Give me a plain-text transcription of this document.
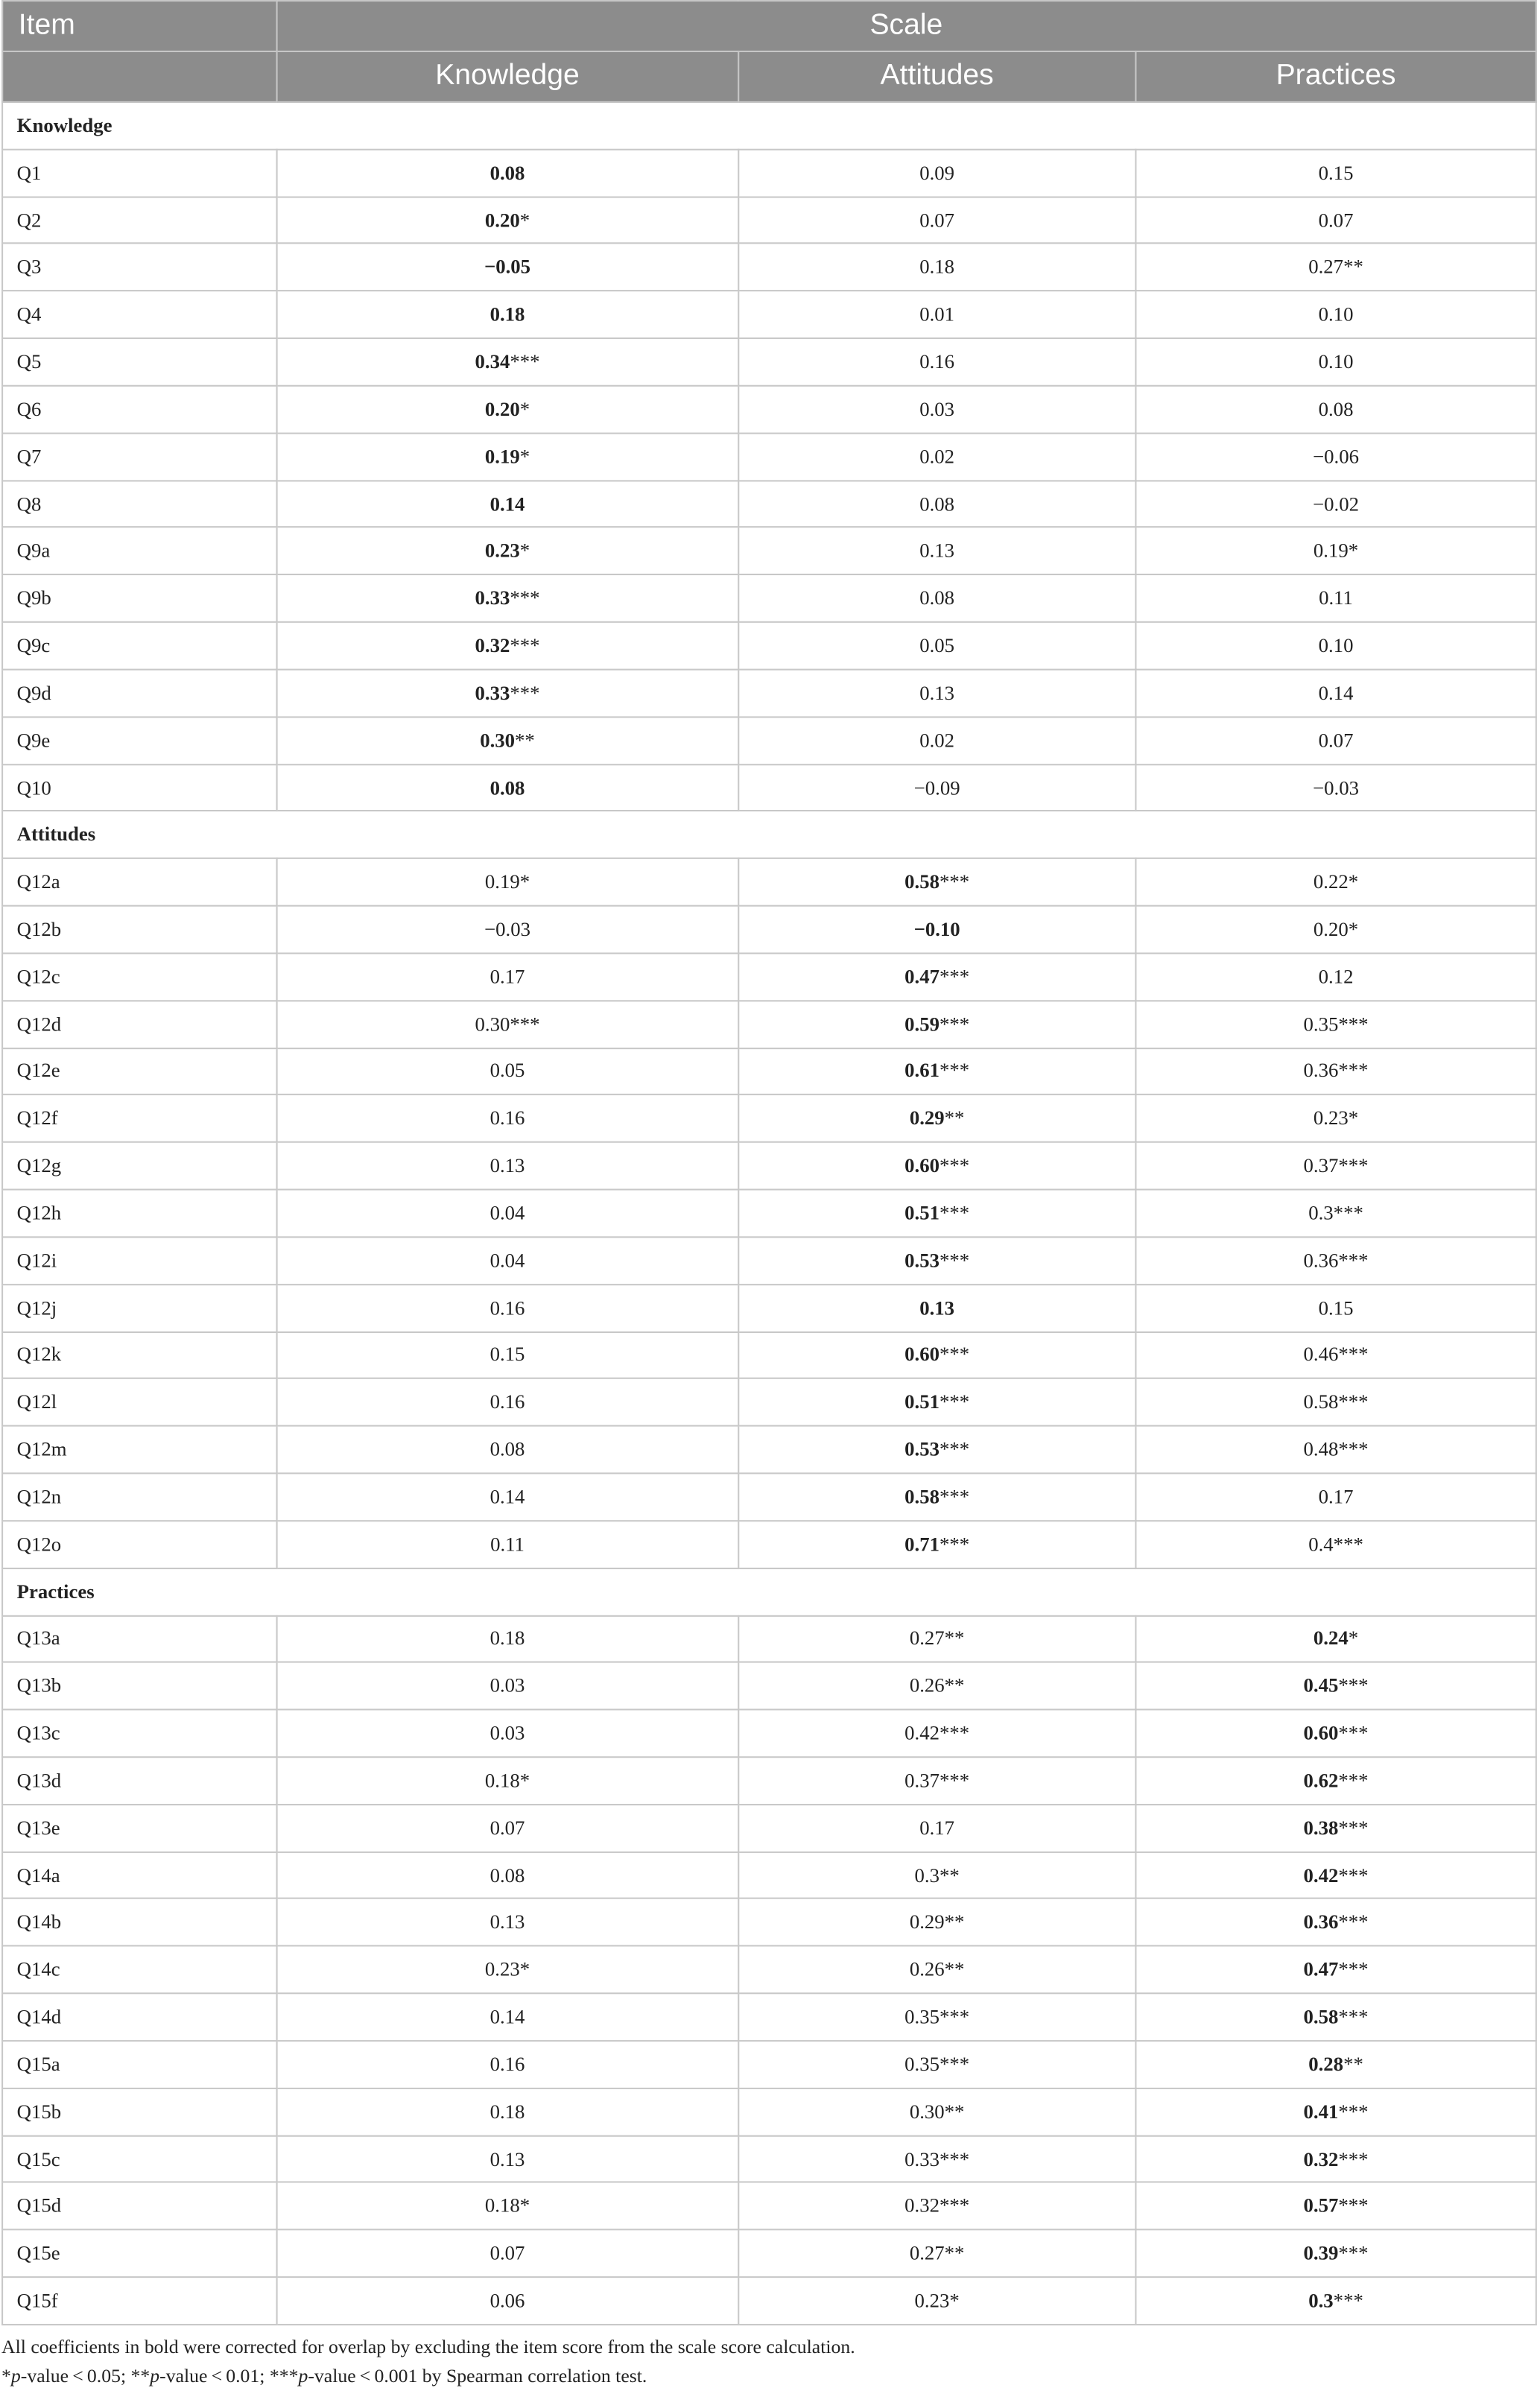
Item	Scale		
	Knowledge	Attitudes	Practices
Knowledge			
Q1	0.08	0.09	0.15
Q2	0.20*	0.07	0.07
Q3	−0.05	0.18	0.27**
Q4	0.18	0.01	0.10
Q5	0.34***	0.16	0.10
Q6	0.20*	0.03	0.08
Q7	0.19*	0.02	−0.06
Q8	0.14	0.08	−0.02
Q9a	0.23*	0.13	0.19*
Q9b	0.33***	0.08	0.11
Q9c	0.32***	0.05	0.10
Q9d	0.33***	0.13	0.14
Q9e	0.30**	0.02	0.07
Q10	0.08	−0.09	−0.03
Attitudes			
Q12a	0.19*	0.58***	0.22*
Q12b	−0.03	−0.10	0.20*
Q12c	0.17	0.47***	0.12
Q12d	0.30***	0.59***	0.35***
Q12e	0.05	0.61***	0.36***
Q12f	0.16	0.29**	0.23*
Q12g	0.13	0.60***	0.37***
Q12h	0.04	0.51***	0.3***
Q12i	0.04	0.53***	0.36***
Q12j	0.16	0.13	0.15
Q12k	0.15	0.60***	0.46***
Q12l	0.16	0.51***	0.58***
Q12m	0.08	0.53***	0.48***
Q12n	0.14	0.58***	0.17
Q12o	0.11	0.71***	0.4***
Practices			
Q13a	0.18	0.27**	0.24*
Q13b	0.03	0.26**	0.45***
Q13c	0.03	0.42***	0.60***
Q13d	0.18*	0.37***	0.62***
Q13e	0.07	0.17	0.38***
Q14a	0.08	0.3**	0.42***
Q14b	0.13	0.29**	0.36***
Q14c	0.23*	0.26**	0.47***
Q14d	0.14	0.35***	0.58***
Q15a	0.16	0.35***	0.28**
Q15b	0.18	0.30**	0.41***
Q15c	0.13	0.33***	0.32***
Q15d	0.18*	0.32***	0.57***
Q15e	0.07	0.27**	0.39***
Q15f	0.06	0.23*	0.3***
All coefficients in bold were corrected for overlap by excluding the item score from the scale score calculation.
*p-value < 0.05; **p-value < 0.01; ***p-value < 0.001 by Spearman correlation test.
